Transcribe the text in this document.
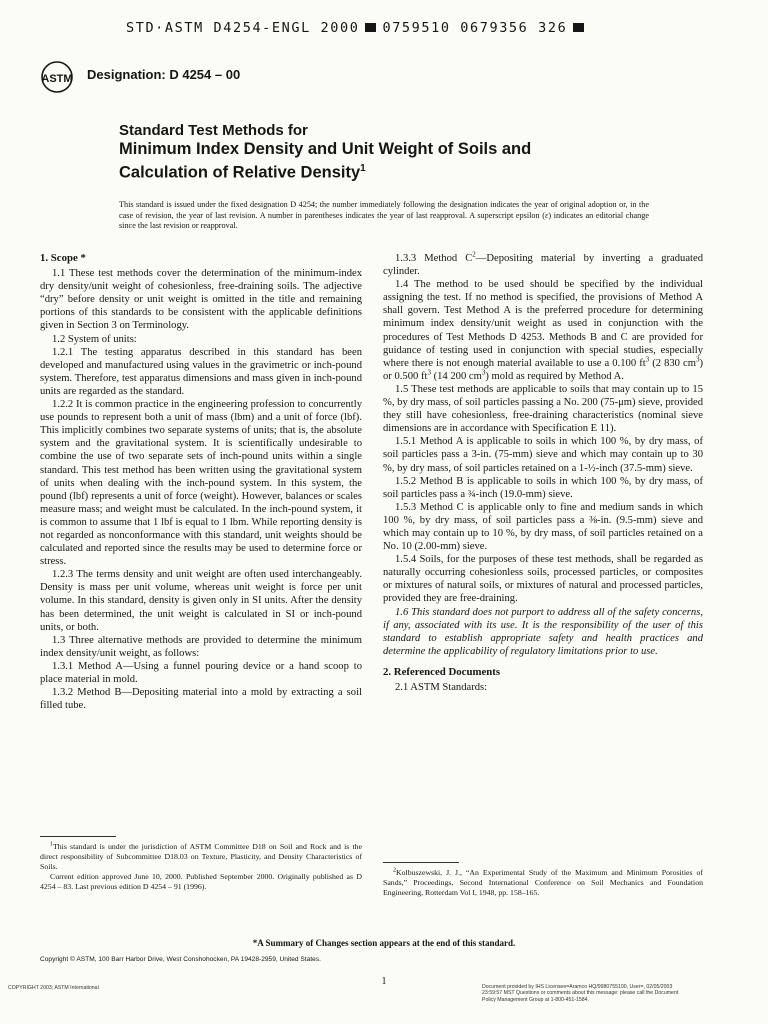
STD·ASTM D4254-ENGL 2000 0759510 0679356 326
ASTM Designation: D 4254 – 00
Standard Test Methods for
Minimum Index Density and Unit Weight of Soils and
Calculation of Relative Density$^1$
This standard is issued under the fixed designation D 4254; the number immediately following the designation indicates the year of original adoption or, in the case of revision, the year of last revision. A number in parentheses indicates the year of last reapproval. A superscript epsilon (ε) indicates an editorial change since the last revision or reapproval.
1. Scope *

1.1 These test methods cover the determination of the minimum-index dry density/unit weight of cohesionless, free-draining soils. The adjective “dry” before density or unit weight is omitted in the title and remaining portions of this standards to be consistent with the applicable definitions given in Section 3 on Terminology.

1.2 System of units:

1.2.1 The testing apparatus described in this standard has been developed and manufactured using values in the gravimetric or inch-pound system. Therefore, test apparatus dimensions and mass given in inch-pound units are regarded as the standard.

1.2.2 It is common practice in the engineering profession to concurrently use pounds to represent both a unit of mass (lbm) and a unit of force (lbf). This implicitly combines two separate systems of units; that is, the absolute system and the gravitational system. It is scientifically undesirable to combine the use of two separate sets of inch-pound units within a single standard. This test method has been written using the gravitational system of units when dealing with the inch-pound system. In this system, the pound (lbf) represents a unit of force (weight). However, balances or scales measure mass; and weight must be calculated. In the inch-pound system, it is common to assume that 1 lbf is equal to 1 lbm. While reporting density is not regarded as nonconformance with this standard, unit weights should be calculated and reported since the results may be used to determine force or stress.

1.2.3 The terms density and unit weight are often used interchangeably. Density is mass per unit volume, whereas unit weight is force per unit volume. In this standard, density is given only in SI units. After the density has been determined, the unit weight is calculated in SI or inch-pound units, or both.

1.3 Three alternative methods are provided to determine the minimum index density/unit weight, as follows:

1.3.1 Method A—Using a funnel pouring device or a hand scoop to place material in mold.

1.3.2 Method B—Depositing material into a mold by extracting a soil filled tube.

1.3.3 Method $C^2—Depositing$ material by inverting a graduated cylinder.

1.4 The method to be used should be specified by the individual assigning the test. If no method is specified, the provisions of Method A shall govern. Test Method A is the preferred procedure for determining minimum index density/unit weight as used in conjunction with the procedures of Test Methods D 4253. Methods B and C are provided for guidance of testing used in conjunction with special studies, especially where there is not enough material available to use a 0.100 $ft^3$ (2 830 $cm^3$) or 0.500 $ft^3$ (14 200 $cm^3$) mold as required by Method A.

1.5 These test methods are applicable to soils that may contain up to 15 %, by dry mass, of soil particles passing a No. 200 (75-μm) sieve, provided they still have cohesionless, free-draining characteristics (nominal sieve dimensions are in accordance with Specification E 11).

1.5.1 Method A is applicable to soils in which 100 %, by dry mass, of soil particles pass a 3-in. (75-mm) sieve and which may contain up to 30 %, by dry mass, of soil particles retained on a 1-½-inch (37.5-mm) sieve.

1.5.2 Method B is applicable to soils in which 100 %, by dry mass, of soil particles pass a ¾-inch (19.0-mm) sieve.

1.5.3 Method C is applicable only to fine and medium sands in which 100 %, by dry mass, of soil particles pass a ⅜-in. (9.5-mm) sieve and which may contain up to 10 %, by dry mass, of soil particles retained on a No. 10 (2.00-mm) sieve.

1.5.4 Soils, for the purposes of these test methods, shall be regarded as naturally occurring cohesionless soils, processed particles, or composites or mixtures of natural soils, or mixtures of natural and processed particles, provided they are free-draining.

1.6 This standard does not purport to address all of the safety concerns, if any, associated with its use. It is the responsibility of the user of this standard to establish appropriate safety and health practices and determine the applicability of regulatory limitations prior to use.

2. Referenced Documents

2.1 ASTM Standards:

$^1$This standard is under the jurisdiction of ASTM Committee D18 on Soil and Rock and is the direct responsibility of Subcommittee D18.03 on Texture, Plasticity, and Density Characteristics of Soils.

Current edition approved June 10, 2000. Published September 2000. Originally published as D 4254 – 83. Last previous edition D 4254 – 91 (1996).

$^2$Kolbuszewski, J. J., “An Experimental Study of the Maximum and Minimum Porosities of Sands,” Proceedings, Second International Conference on Soil Mechanics and Foundation Engineering, Rotterdam Vol I, 1948, pp. 158–165.

*A Summary of Changes section appears at the end of this standard.
Copyright © ASTM, 100 Barr Harbor Drive, West Conshohocken, PA 19428-2959, United States.
1
COPYRIGHT 2003; ASTM International	Document provided by IHS Licensee=Aramco HQ/9980755100, User=, 02/05/2003
23:59:57 MST Questions or comments about this message: please call the Document
Policy Management Group at 1-800-451-1584.
